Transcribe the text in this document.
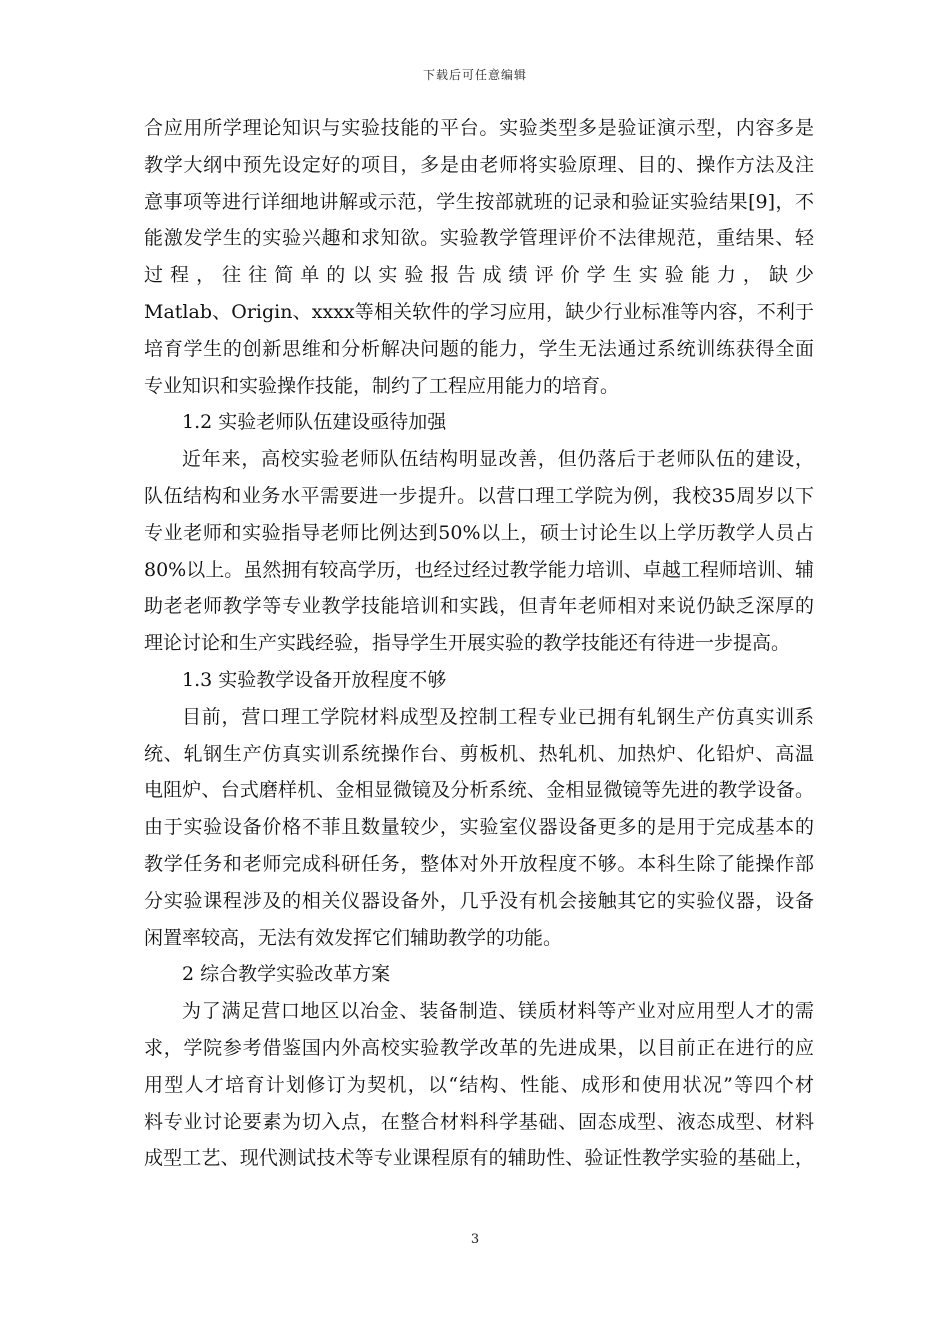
下载后可任意编辑
合应用所学理论知识与实验技能的平台。实验类型多是验证演示型，内容多是
教学大纲中预先设定好的项目，多是由老师将实验原理、目的、操作方法及注
意事项等进行详细地讲解或示范，学生按部就班的记录和验证实验结果[9]，不
能激发学生的实验兴趣和求知欲。实验教学管理评价不法律规范，重结果、轻
过 程 ， 往 往 简 单 的 以 实 验 报 告 成 绩 评 价 学 生 实 验 能 力 ， 缺 少
Matlab、Origin、xxxx等相关软件的学习应用，缺少行业标准等内容，不利于
培育学生的创新思维和分析解决问题的能力，学生无法通过系统训练获得全面
专业知识和实验操作技能，制约了工程应用能力的培育。
1.2 实验老师队伍建设亟待加强
近年来，高校实验老师队伍结构明显改善，但仍落后于老师队伍的建设，
队伍结构和业务水平需要进一步提升。以营口理工学院为例，我校35周岁以下
专业老师和实验指导老师比例达到50%以上，硕士讨论生以上学历教学人员占
80%以上。虽然拥有较高学历，也经过经过教学能力培训、卓越工程师培训、辅
助老老师教学等专业教学技能培训和实践，但青年老师相对来说仍缺乏深厚的
理论讨论和生产实践经验，指导学生开展实验的教学技能还有待进一步提高。
1.3 实验教学设备开放程度不够
目前，营口理工学院材料成型及控制工程专业已拥有轧钢生产仿真实训系
统、轧钢生产仿真实训系统操作台、剪板机、热轧机、加热炉、化铅炉、高温
电阻炉、台式磨样机、金相显微镜及分析系统、金相显微镜等先进的教学设备。
由于实验设备价格不菲且数量较少，实验室仪器设备更多的是用于完成基本的
教学任务和老师完成科研任务，整体对外开放程度不够。本科生除了能操作部
分实验课程涉及的相关仪器设备外，几乎没有机会接触其它的实验仪器，设备
闲置率较高，无法有效发挥它们辅助教学的功能。
2 综合教学实验改革方案
为了满足营口地区以冶金、装备制造、镁质材料等产业对应用型人才的需
求，学院参考借鉴国内外高校实验教学改革的先进成果，以目前正在进行的应
用型人才培育计划修订为契机，以“结构、性能、成形和使用状况”等四个材
料专业讨论要素为切入点，在整合材料科学基础、固态成型、液态成型、材料
成型工艺、现代测试技术等专业课程原有的辅助性、验证性教学实验的基础上，
3
